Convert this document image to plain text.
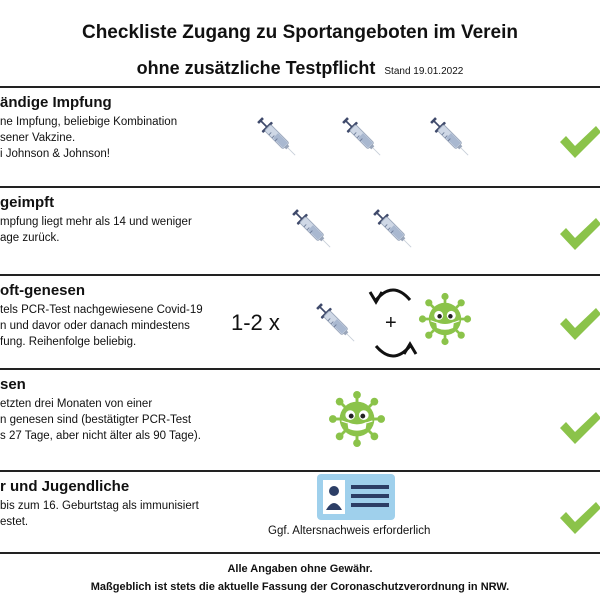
Checkliste Zugang zu Sportangeboten im Verein
ohne zusätzliche Testpflicht Stand 19.01.2022
ändige Impfung
ne Impfung, beliebige Kombination
sener Vakzine.
i Johnson & Johnson!
geimpft
mpfung liegt mehr als 14 und weniger
age zurück.
oft-genesen
tels PCR-Test nachgewiesene Covid-19
n und davor oder danach mindestens
fung. Reihenfolge beliebig.
1-2 x	+
sen
etzten drei Monaten von einer
n genesen sind (bestätigter PCR-Test
s 27 Tage, aber nicht älter als 90 Tage).
r und Jugendliche
bis zum 16. Geburtstag als immunisiert
estet.
Ggf. Altersnachweis erforderlich
Alle Angaben ohne Gewähr.
Maßgeblich ist stets die aktuelle Fassung der Coronaschutzverordnung in NRW.
